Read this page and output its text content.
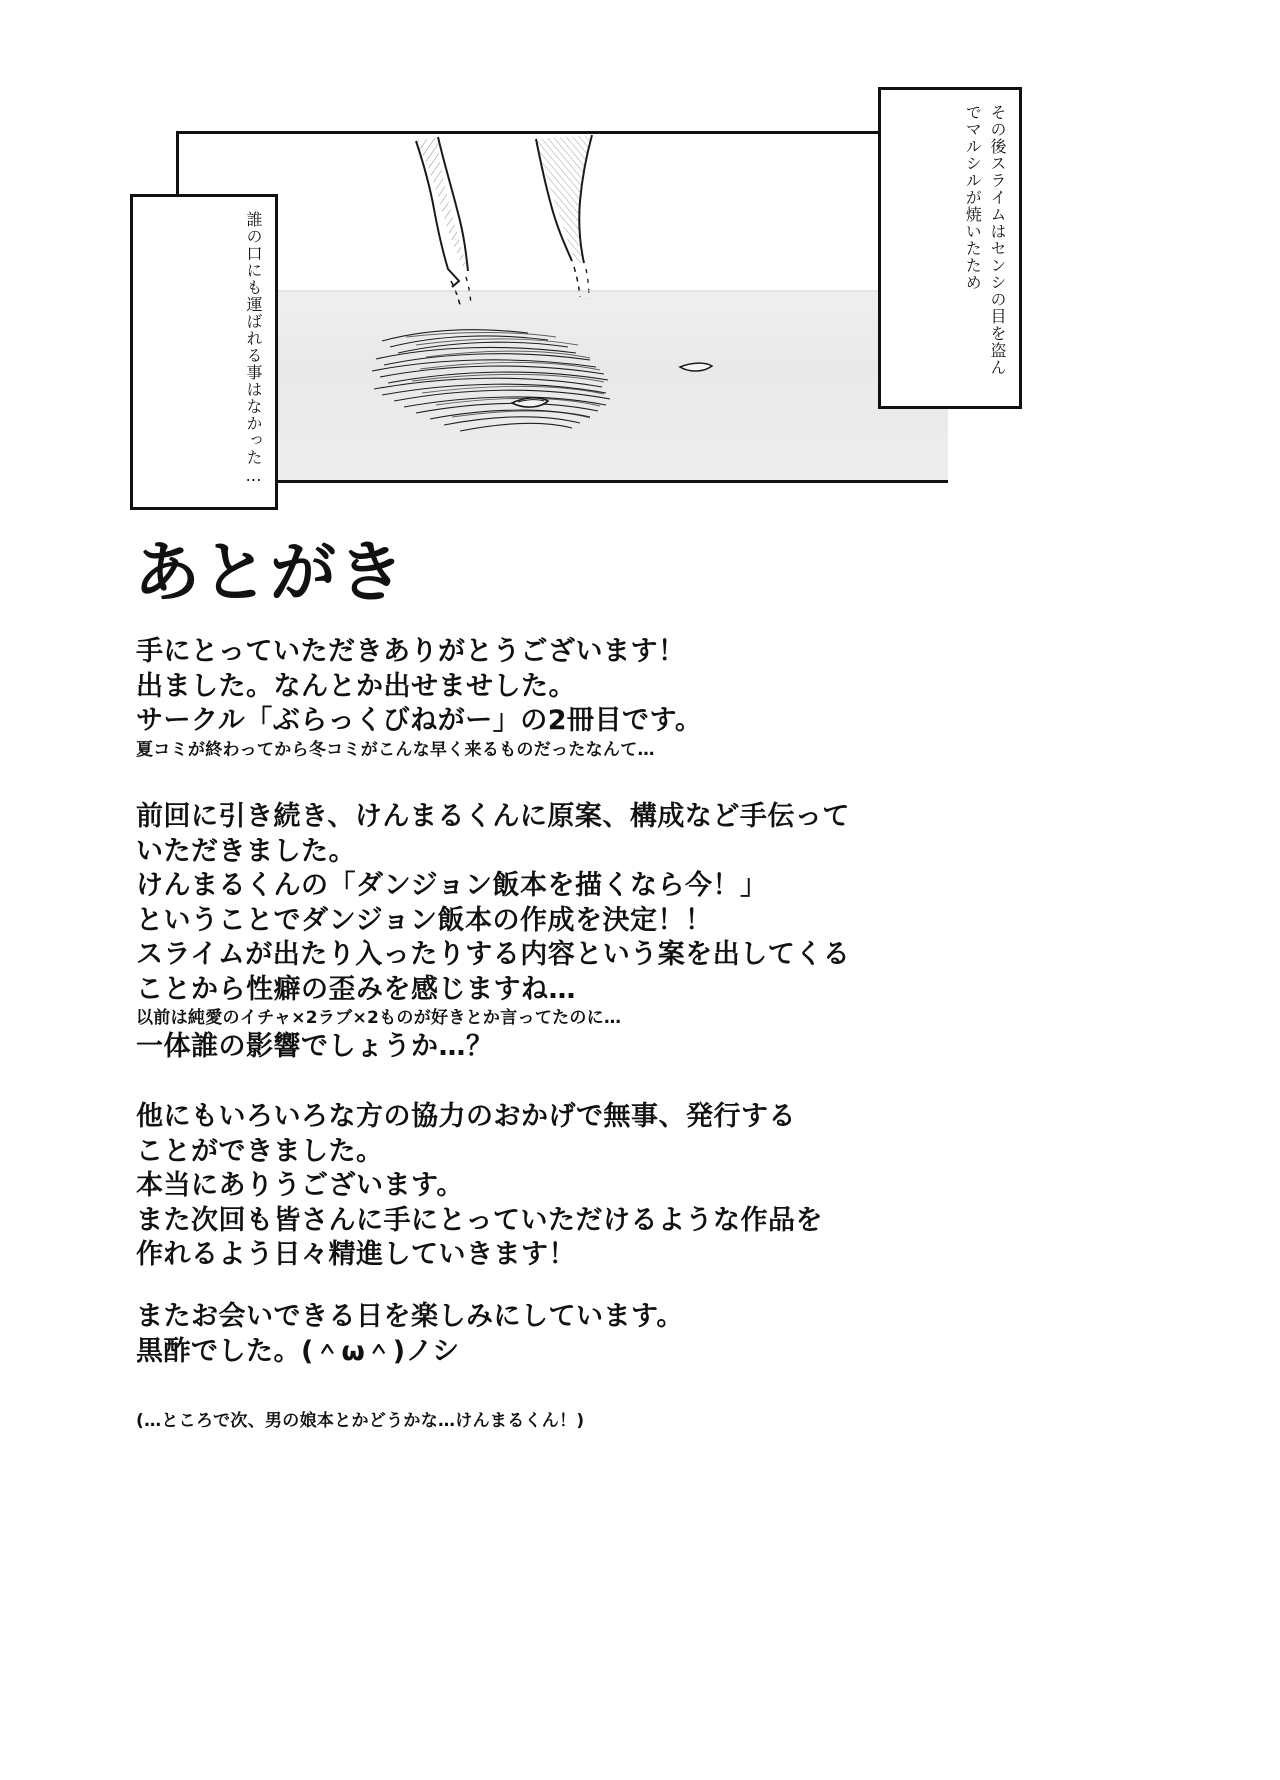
その後スライムはセンシの目を盗んでマルシルが焼いたため
誰の口にも運ばれる事はなかった…
あとがき
手にとっていただきありがとうございます！
出ました。なんとか出せませした。
サークル「ぶらっくびねがー」の2冊目です。
夏コミが終わってから冬コミがこんな早く来るものだったなんて…
前回に引き続き、けんまるくんに原案、構成など手伝って
いただきました。
けんまるくんの「ダンジョン飯本を描くなら今！」
ということでダンジョン飯本の作成を決定！！
スライムが出たり入ったりする内容という案を出してくる
ことから性癖の歪みを感じますね…
以前は純愛のイチャ×2ラブ×2ものが好きとか言ってたのに…
一体誰の影響でしょうか…？
他にもいろいろな方の協力のおかげで無事、発行する
ことができました。
本当にありうございます。
また次回も皆さんに手にとっていただけるような作品を
作れるよう日々精進していきます！
またお会いできる日を楽しみにしています。
黒酢でした。(＾ω＾)ノシ
(…ところで次、男の娘本とかどうかな…けんまるくん！)
